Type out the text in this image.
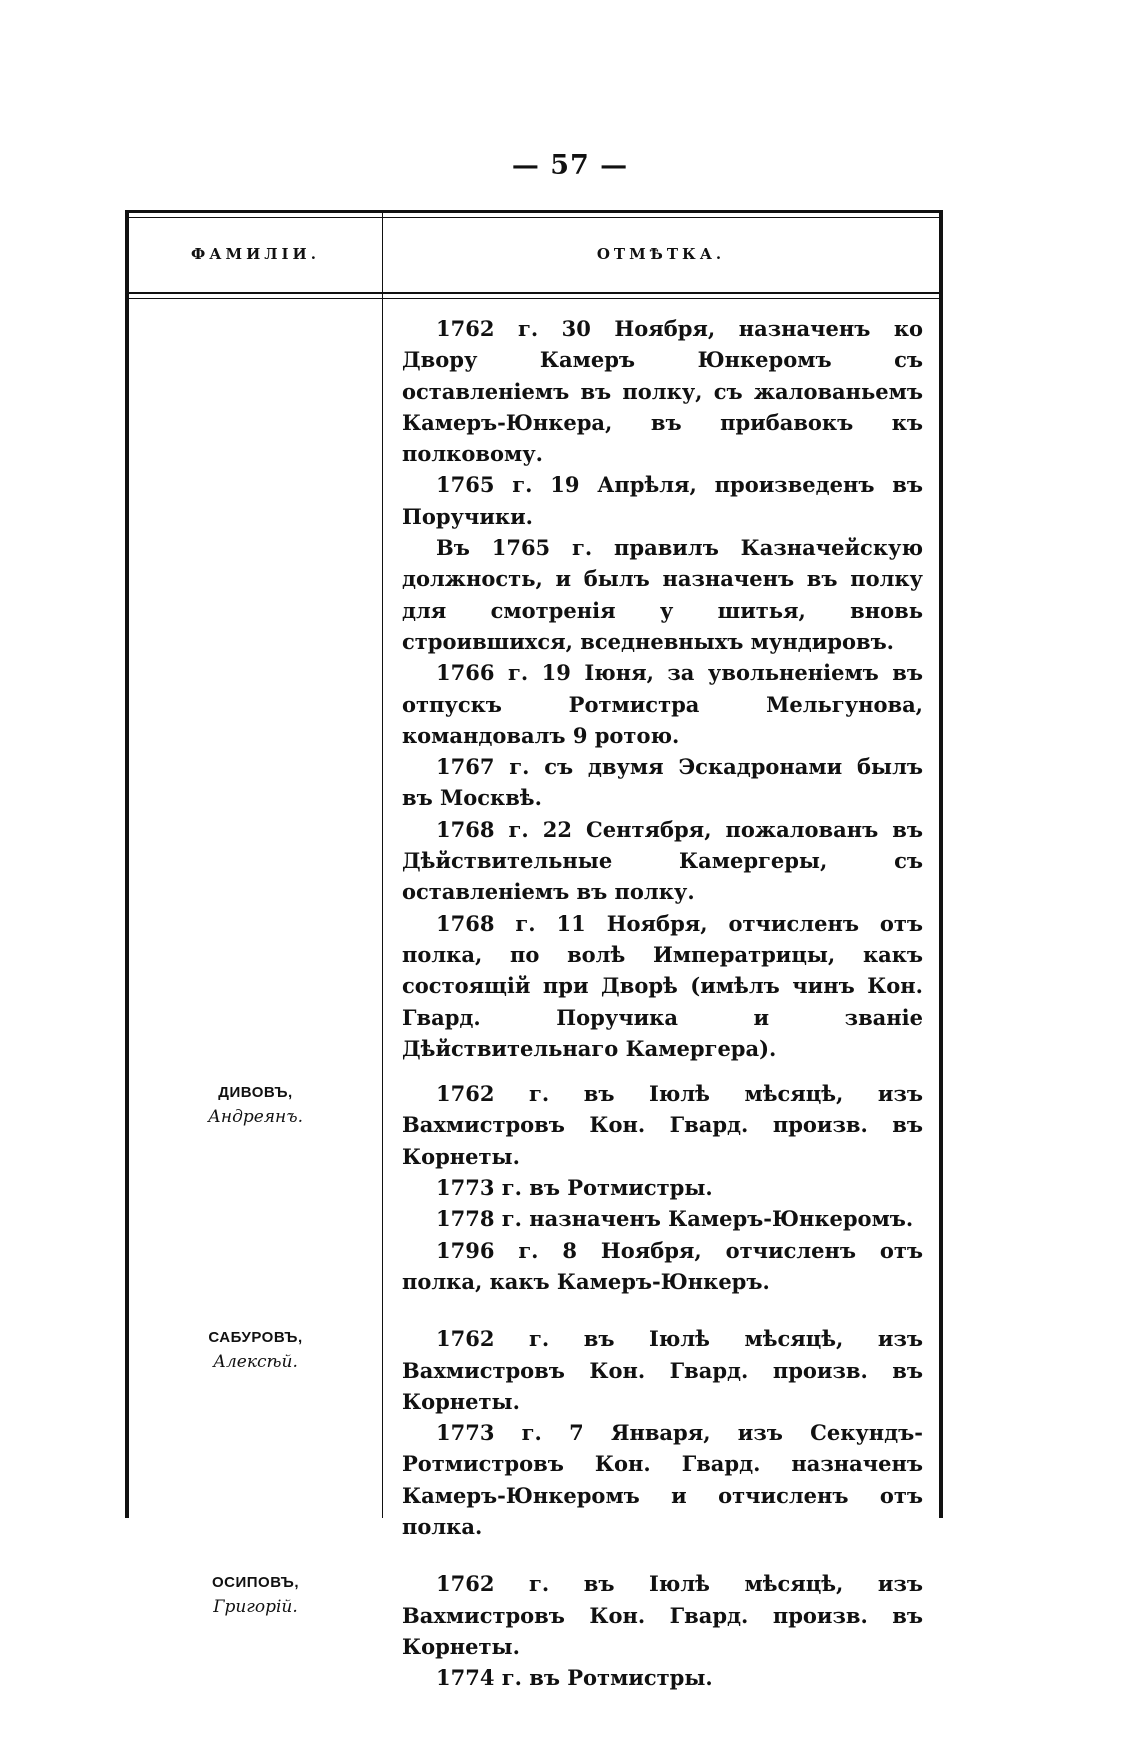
— 57 —
ФАМИЛІИ.	ОТМѢТКА.

1762 г. 30 Ноября, назначенъ ко Двору Камеръ Юнкеромъ съ оставленіемъ въ полку, съ жалованьемъ Камеръ-Юнкера, въ прибавокъ къ полковому.

1765 г. 19 Апрѣля, произведенъ въ Поручики.

Въ 1765 г. правилъ Казначейскую должность, и былъ назначенъ въ полку для смотренія у шитья, вновь строившихся, вседневныхъ мундировъ.

1766 г. 19 Іюня, за увольненіемъ въ отпускъ Ротмистра Мельгунова, командовалъ 9 ротою.

1767 г. съ двумя Эскадронами былъ въ Москвѣ.

1768 г. 22 Сентября, пожалованъ въ Дѣйствительные Камергеры, съ оставленіемъ въ полку.

1768 г. 11 Ноября, отчисленъ отъ полка, по волѣ Императрицы, какъ состоящій при Дворѣ (имѣлъ чинъ Кон. Гвард. Поручика и званіе Дѣйствительнаго Камергера).

ДИВОВЪ,
Андреянъ.

1762 г. въ Іюлѣ мѣсяцѣ, изъ Вахмистровъ Кон. Гвард. произв. въ Корнеты.

1773 г. въ Ротмистры.

1778 г. назначенъ Камеръ-Юнкеромъ.

1796 г. 8 Ноября, отчисленъ отъ полка, какъ Камеръ-Юнкеръ.

САБУРОВЪ,
Алексѣй.

1762 г. въ Іюлѣ мѣсяцѣ, изъ Вахмистровъ Кон. Гвард. произв. въ Корнеты.

1773 г. 7 Января, изъ Секундъ-Ротмистровъ Кон. Гвард. назначенъ Камеръ-Юнкеромъ и отчисленъ отъ полка.

ОСИПОВЪ,
Григорій.

1762 г. въ Іюлѣ мѣсяцѣ, изъ Вахмистровъ Кон. Гвард. произв. въ Корнеты.

1774 г. въ Ротмистры.
